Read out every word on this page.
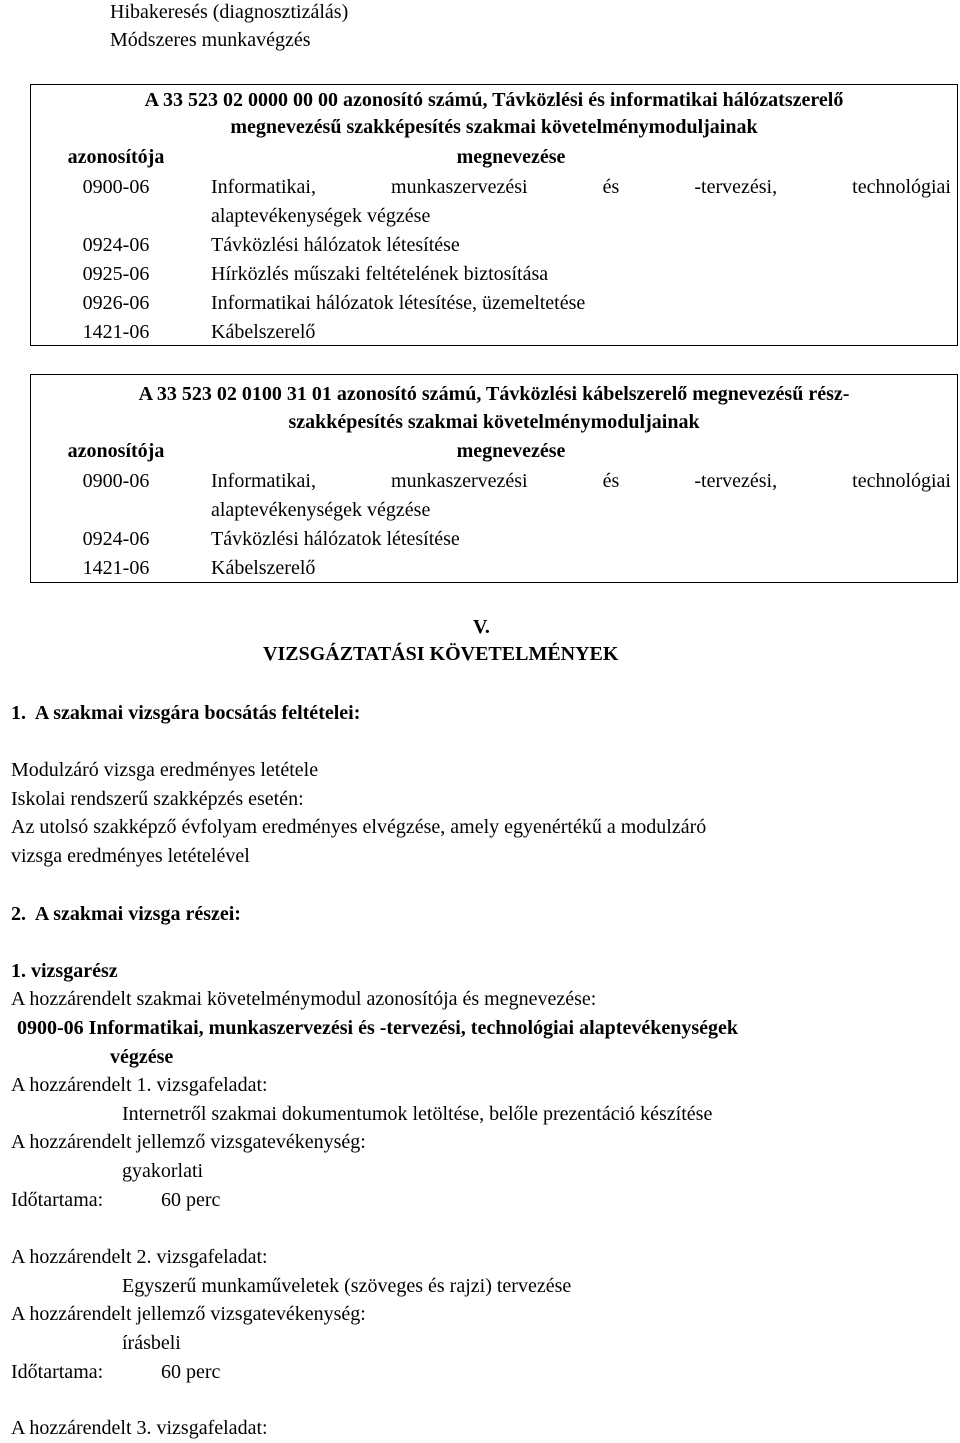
Hibakeresés (diagnosztizálás)
Módszeres munkavégzés
A 33 523 02 0000 00 00 azonosító számú, Távközlési és informatikai hálózatszerelő
megnevezésű szakképesítés szakmai követelménymoduljainak
azonosítója	megnevezése
0900-06	Informatikai, munkaszervezési és -tervezési, technológiai
alaptevékenységek végzése
0924-06	Távközlési hálózatok létesítése
0925-06	Hírközlés műszaki feltételének biztosítása
0926-06	Informatikai hálózatok létesítése, üzemeltetése
1421-06	Kábelszerelő
A 33 523 02 0100 31 01 azonosító számú, Távközlési kábelszerelő megnevezésű rész-
szakképesítés szakmai követelménymoduljainak
azonosítója	megnevezése
0900-06	Informatikai, munkaszervezési és -tervezési, technológiai
alaptevékenységek végzése
0924-06	Távközlési hálózatok létesítése
1421-06	Kábelszerelő
V.
VIZSGÁZTATÁSI KÖVETELMÉNYEK
1.  A szakmai vizsgára bocsátás feltételei:
Modulzáró vizsga eredményes letétele
Iskolai rendszerű szakképzés esetén:
Az utolsó szakképző évfolyam eredményes elvégzése, amely egyenértékű a modulzáró
vizsga eredményes letételével
2.  A szakmai vizsga részei:
1. vizsgarész
A hozzárendelt szakmai követelménymodul azonosítója és megnevezése:
0900-06 Informatikai, munkaszervezési és -tervezési, technológiai alaptevékenységek
végzése
A hozzárendelt 1. vizsgafeladat:
Internetről szakmai dokumentumok letöltése, belőle prezentáció készítése
A hozzárendelt jellemző vizsgatevékenység:
gyakorlati
Időtartama:	60 perc
A hozzárendelt 2. vizsgafeladat:
Egyszerű munkaműveletek (szöveges és rajzi) tervezése
A hozzárendelt jellemző vizsgatevékenység:
írásbeli
Időtartama:	60 perc
A hozzárendelt 3. vizsgafeladat:
